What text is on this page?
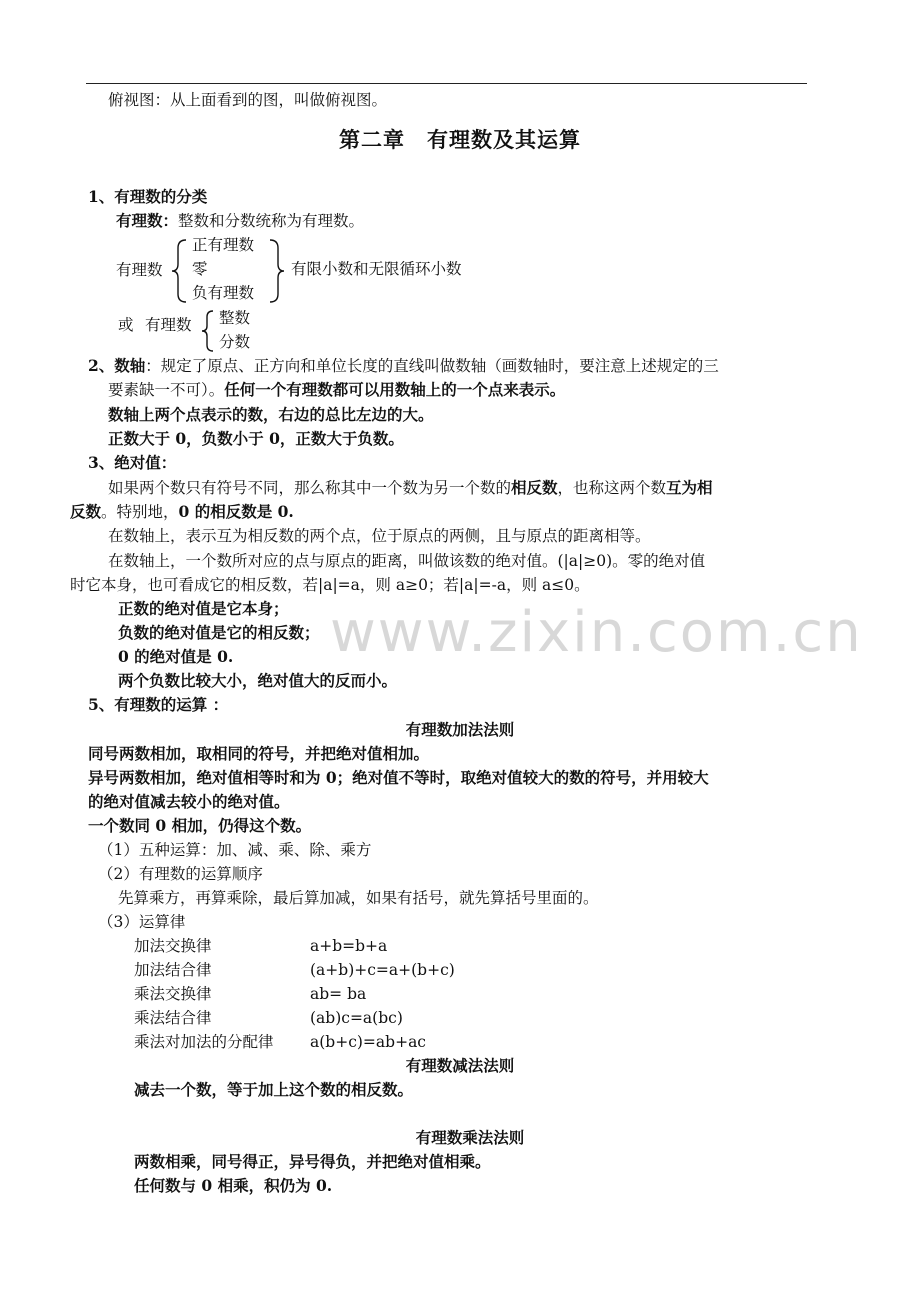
俯视图：从上面看到的图，叫做俯视图。
第二章　有理数及其运算
1、有理数的分类
有理数：整数和分数统称为有理数。
有理数
正有理数
零
负有理数
有限小数和无限循环小数
或 有理数 整数
分数
2、数轴：规定了原点、正方向和单位长度的直线叫做数轴（画数轴时，要注意上述规定的三
要素缺一不可）。任何一个有理数都可以用数轴上的一个点来表示。
数轴上两个点表示的数，右边的总比左边的大。
正数大于 0，负数小于 0，正数大于负数。
3、绝对值：
如果两个数只有符号不同，那么称其中一个数为另一个数的相反数，也称这两个数互为相
反数。特别地，0 的相反数是 0.
在数轴上，表示互为相反数的两个点，位于原点的两侧，且与原点的距离相等。
在数轴上，一个数所对应的点与原点的距离，叫做该数的绝对值。(|a|≥0)。零的绝对值
时它本身，也可看成它的相反数，若|a|=a，则 a≥0；若|a|=-a，则 a≤0。
正数的绝对值是它本身；
负数的绝对值是它的相反数；
0 的绝对值是 0.
两个负数比较大小，绝对值大的反而小。
www.zixin.com.cn
5、有理数的运算 ：
有理数加法法则
同号两数相加，取相同的符号，并把绝对值相加。
异号两数相加，绝对值相等时和为 0；绝对值不等时，取绝对值较大的数的符号，并用较大
的绝对值减去较小的绝对值。
一个数同 0 相加，仍得这个数。
（1）五种运算：加、减、乘、除、乘方
（2）有理数的运算顺序
先算乘方，再算乘除，最后算加减，如果有括号，就先算括号里面的。
（3）运算律
加法交换律	a+b=b+a
加法结合律	(a+b)+c=a+(b+c)
乘法交换律	ab= ba
乘法结合律	(ab)c=a(bc)
乘法对加法的分配律 a(b+c)=ab+ac
有理数减法法则
减去一个数，等于加上这个数的相反数。
有理数乘法法则
两数相乘，同号得正，异号得负，并把绝对值相乘。
任何数与 0 相乘，积仍为 0.
